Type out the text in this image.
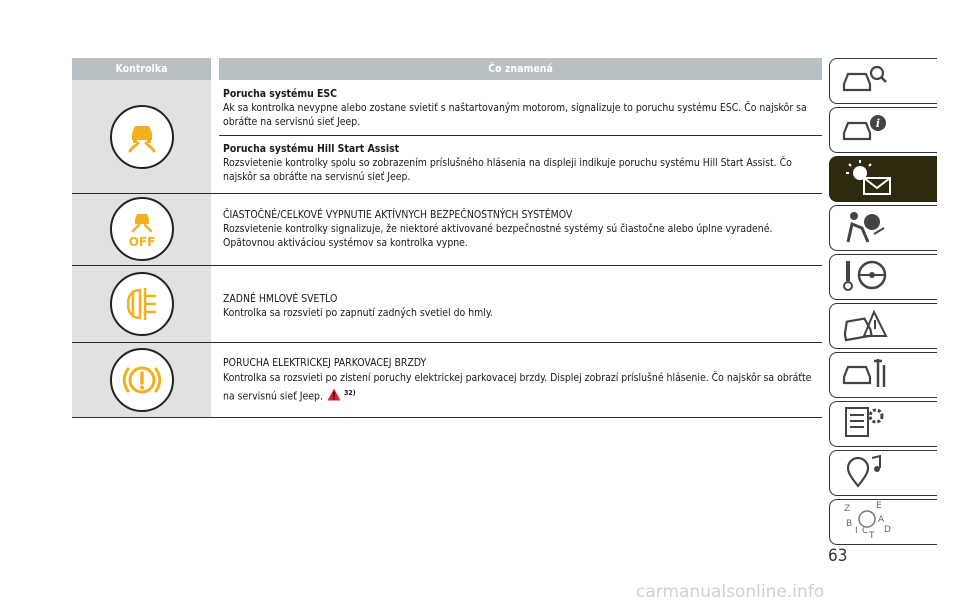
Kontrolka	Čo znamená
Porucha systému ESC
Ak sa kontrolka nevypne alebo zostane svietiť s naštartovaným motorom, signalizuje to poruchu systému ESC. Čo najskôr sa obráťte na servisnú sieť Jeep.
Porucha systému Hill Start Assist
Rozsvietenie kontrolky spolu so zobrazením príslušného hlásenia na displeji indikuje poruchu systému Hill Start Assist. Čo najskôr sa obráťte na servisnú sieť Jeep.
OFF
ČIASTOČNÉ/CELKOVÉ VYPNUTIE AKTÍVNYCH BEZPEČNOSTNÝCH SYSTÉMOV
Rozsvietenie kontrolky signalizuje, že niektoré aktivované bezpečnostné systémy sú čiastočne alebo úplne vyradené. Opätovnou aktiváciou systémov sa kontrolka vypne.
ZADNÉ HMLOVÉ SVETLO
Kontrolka sa rozsvieti po zapnutí zadných svetiel do hmly.
PORUCHA ELEKTRICKEJ PARKOVACEJ BRZDY
Kontrolka sa rozsvieti po zistení poruchy elektrickej parkovacej brzdy. Displej zobrazí príslušné hlásenie. Čo najskôr sa obráťte na servisnú sieť Jeep.	$^{32)}$
i
Z	E
B	A
D
I C T
63
carmanualsonline.info
